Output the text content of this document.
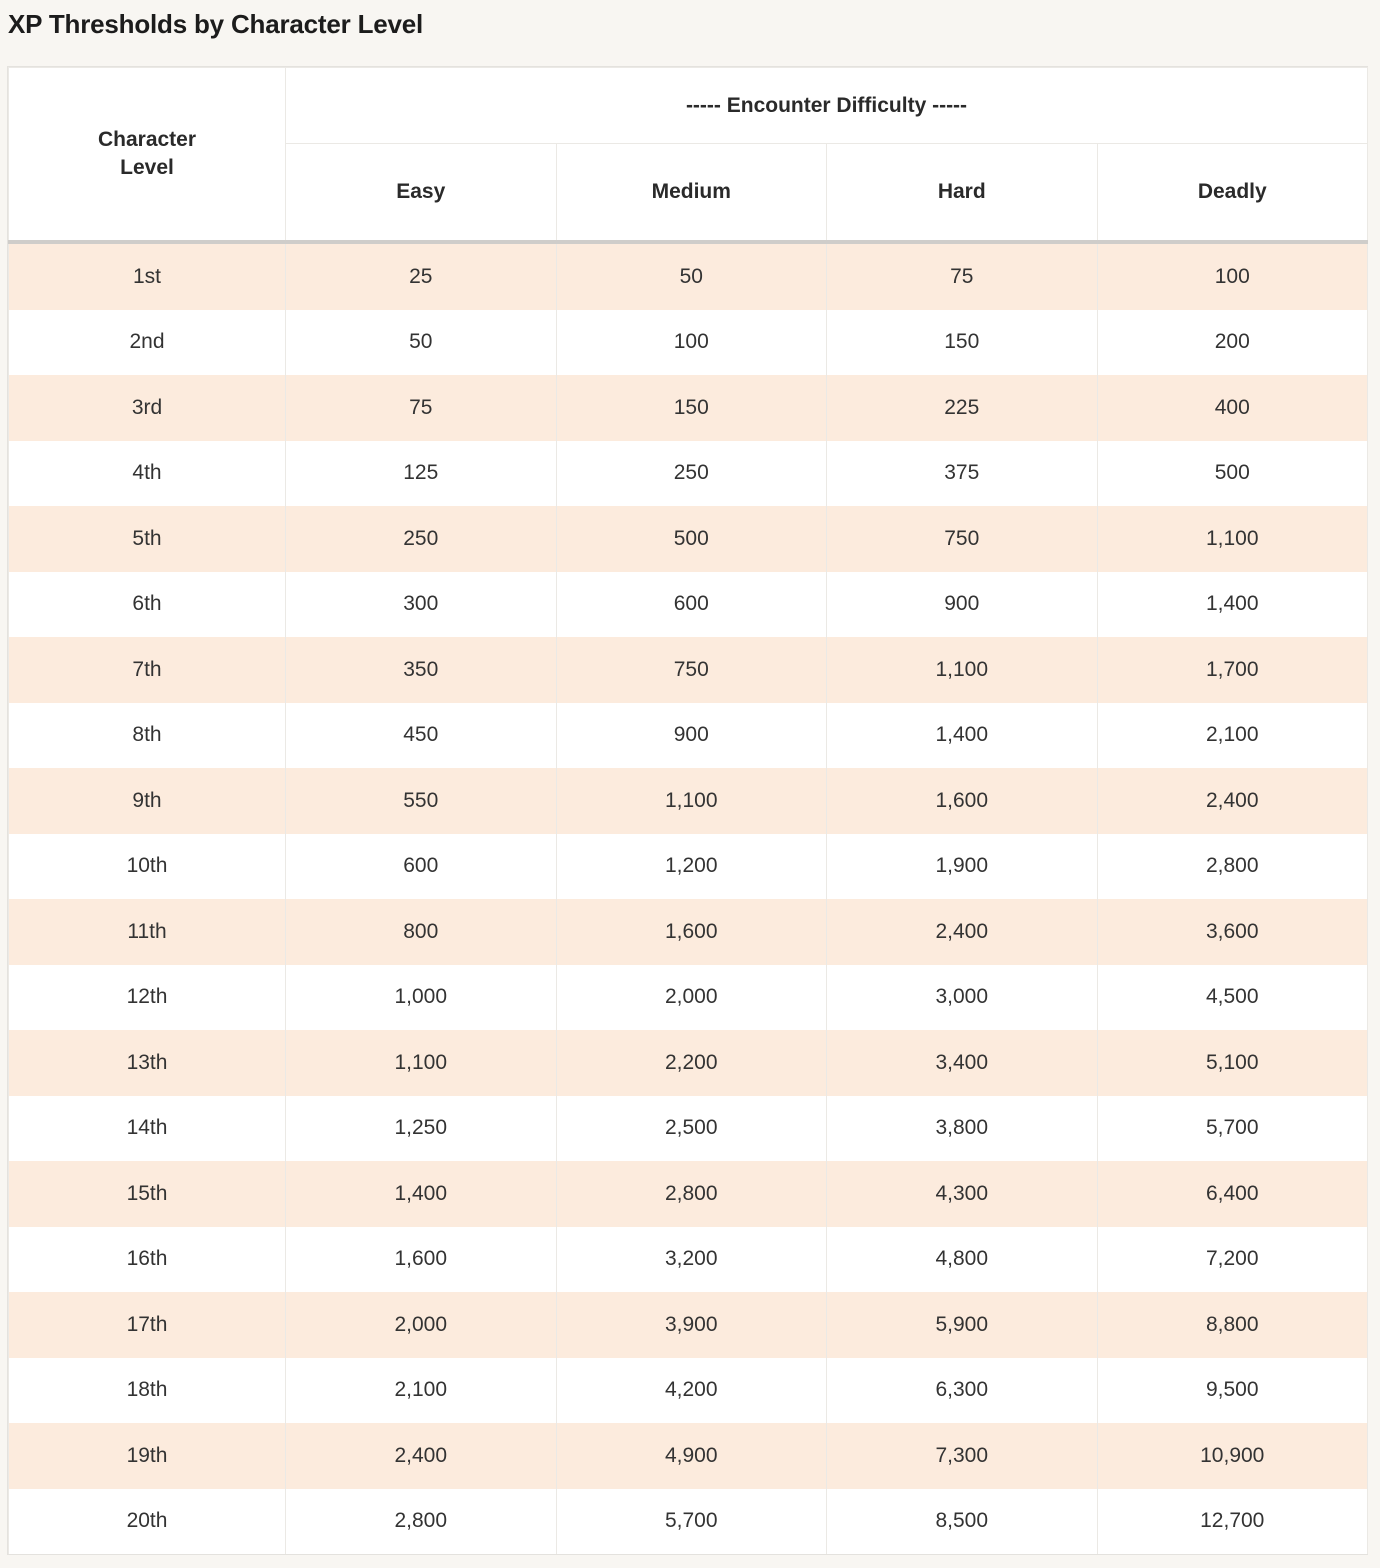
XP Thresholds by Character Level
Character Level	----- Encounter Difficulty -----			
	Easy	Medium	Hard	Deadly
1st	25	50	75	100
2nd	50	100	150	200
3rd	75	150	225	400
4th	125	250	375	500
5th	250	500	750	1,100
6th	300	600	900	1,400
7th	350	750	1,100	1,700
8th	450	900	1,400	2,100
9th	550	1,100	1,600	2,400
10th	600	1,200	1,900	2,800
11th	800	1,600	2,400	3,600
12th	1,000	2,000	3,000	4,500
13th	1,100	2,200	3,400	5,100
14th	1,250	2,500	3,800	5,700
15th	1,400	2,800	4,300	6,400
16th	1,600	3,200	4,800	7,200
17th	2,000	3,900	5,900	8,800
18th	2,100	4,200	6,300	9,500
19th	2,400	4,900	7,300	10,900
20th	2,800	5,700	8,500	12,700
